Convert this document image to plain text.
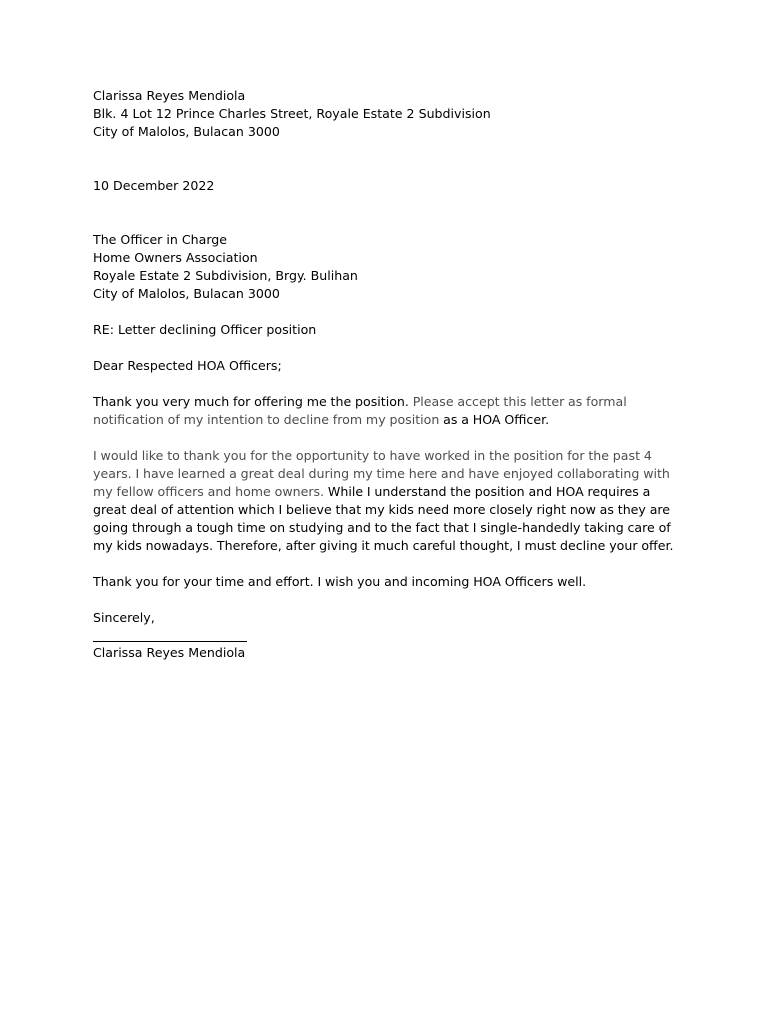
Clarissa Reyes Mendiola
Blk. 4 Lot 12 Prince Charles Street, Royale Estate 2 Subdivision
City of Malolos, Bulacan 3000
10 December 2022
The Officer in Charge
Home Owners Association
Royale Estate 2 Subdivision, Brgy. Bulihan
City of Malolos, Bulacan 3000
RE: Letter declining Officer position
Dear Respected HOA Officers;

Thank you very much for offering me the position. Please accept this letter as formal notification of my intention to decline from my position as a HOA Officer.

I would like to thank you for the opportunity to have worked in the position for the past 4 years. I have learned a great deal during my time here and have enjoyed collaborating with my fellow officers and home owners. While I understand the position and HOA requires a great deal of attention which I believe that my kids need more closely right now as they are going through a tough time on studying and to the fact that I single-handedly taking care of my kids nowadays. Therefore, after giving it much careful thought, I must decline your offer.

Thank you for your time and effort. I wish you and incoming HOA Officers well.

Sincerely,
Clarissa Reyes Mendiola
